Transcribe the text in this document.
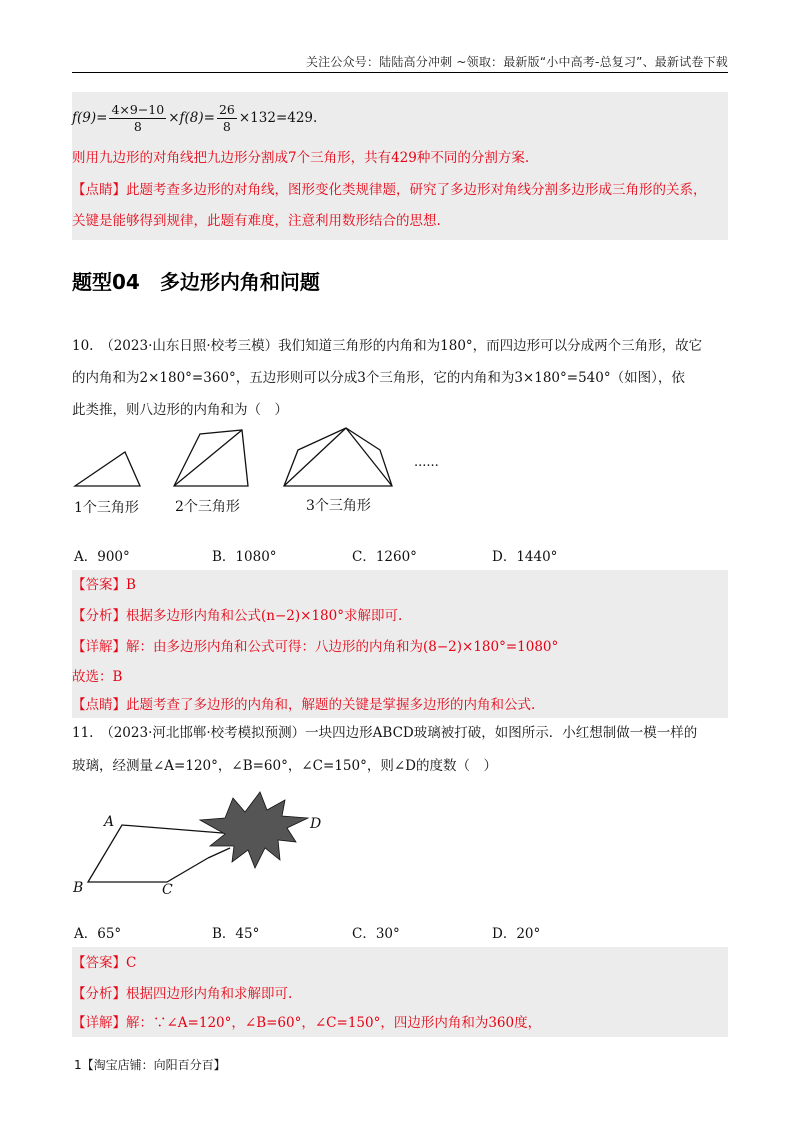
关注公众号：陆陆高分冲刺 ~领取：最新版“小中高考-总复习”、最新试卷下载
$f(9)= \frac{4\times 9-10}{8} \times f(8)= \frac{26}{8} \times 132=429$.
则用九边形的对角线把九边形分割成7个三角形，共有429种不同的分割方案.
【点睛】此题考查多边形的对角线，图形变化类规律题，研究了多边形对角线分割多边形成三角形的关系，
关键是能够得到规律，此题有难度，注意利用数形结合的思想.
题型04　多边形内角和问题
10.　（2023·山东日照·校考三模）我们知道三角形的内角和为180°，而四边形可以分成两个三角形，故它
的内角和为2×180°=360°，五边形则可以分成3个三角形，它的内角和为3×180°=540°（如图），依
此类推，则八边形的内角和为（　）
......
1个三角形	2个三角形	3个三角形
A．900°	B．1080°	C．1260°	D．1440°
【答案】B
【分析】根据多边形内角和公式(n−2)×180°求解即可.
【详解】解：由多边形内角和公式可得：八边形的内角和为(8−2)×180°=1080°
故选：B
【点睛】此题考查了多边形的内角和，解题的关键是掌握多边形的内角和公式.
11.　（2023·河北邯郸·校考模拟预测）一块四边形ABCD玻璃被打破，如图所示．小红想制做一模一样的
玻璃，经测量∠A=120°，∠B=60°，∠C=150°，则∠D的度数（　）
A
B	C
D
A．65°	B．45°	C．30°	D．20°
【答案】C
【分析】根据四边形内角和求解即可.
【详解】解：∵∠A=120°，∠B=60°，∠C=150°，四边形内角和为360度，
1【淘宝店铺：向阳百分百】
